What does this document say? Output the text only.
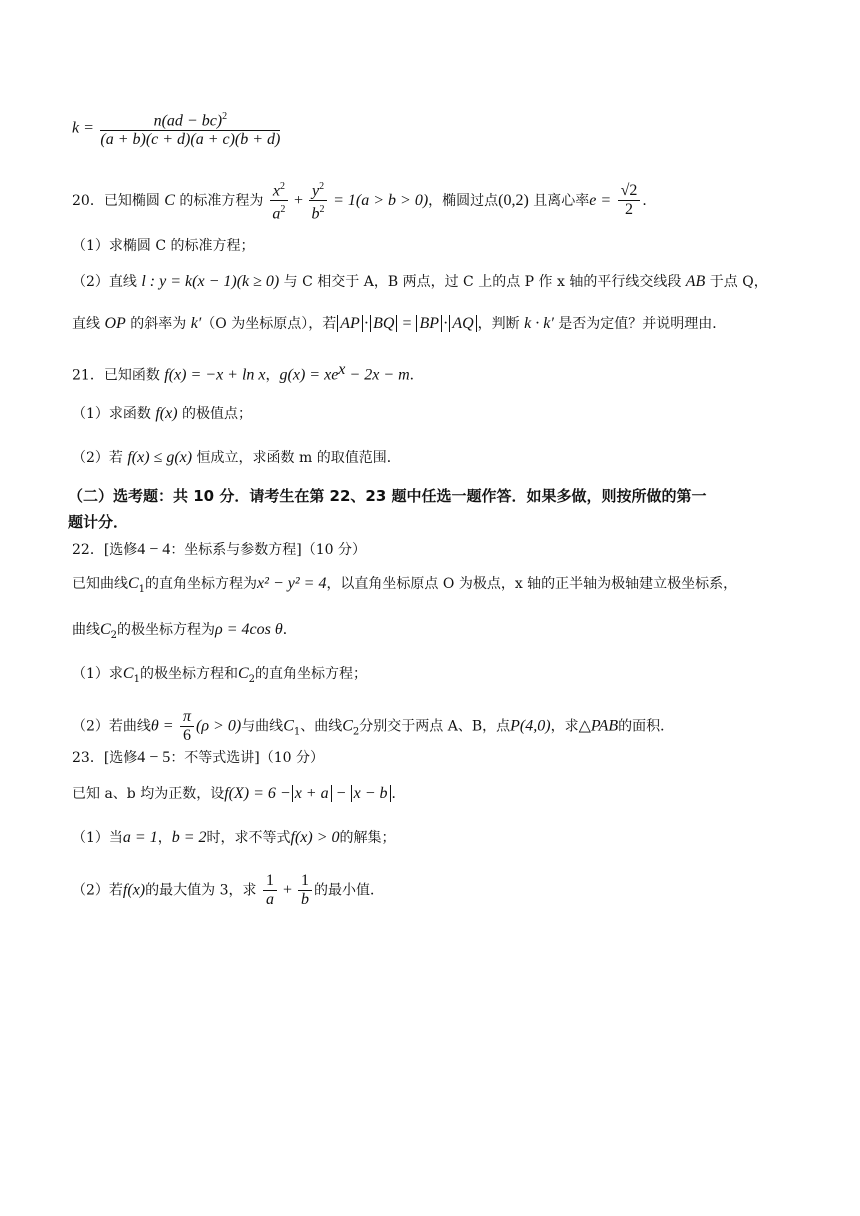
$k = \frac{n(ad - bc)^2}{(a + b)(c + d)(a + c)(b + d)}$
20．已知椭圆 C 的标准方程为 $\frac{x^2}{a^2} + \frac{y^2}{b^2} = 1(a > b > 0)$，椭圆过点(0,2) 且离心率$e = \frac{√2}{2}$ ．
（1）求椭圆 C 的标准方程；
（2）直线 l : y = k(x − 1)(k ≥ 0) 与 C 相交于 A，B 两点，过 C 上的点 P 作 x 轴的平行线交线段 AB 于点 Q，
直线 OP 的斜率为 k′（O 为坐标原点），若 AP · BQ = BP · AQ ，判断 k · k′ 是否为定值？并说明理由．
21．已知函数 f(x) = −x + ln x，$g(x) = xe^x - 2x - m$．
（1）求函数 f(x) 的极值点；
（2）若 f(x) ≤ g(x) 恒成立，求函数 m 的取值范围．
（二）选考题：共 10 分．请考生在第 22、23 题中任选一题作答．如果多做，则按所做的第一
题计分．
22．[选修4 − 4：坐标系与参数方程]（10 分）
已知曲线$C_1$的直角坐标方程为x² − y² = 4，以直角坐标原点 O 为极点，x 轴的正半轴为极轴建立极坐标系，
曲线$C_2$的极坐标方程为ρ = 4cos θ．
（1）求$C_1$的极坐标方程和$C_2$的直角坐标方程；
（2）若曲线$\theta = \frac{\pi}{6} (\rho > 0)$与曲线$C_1$、曲线$C_2$分别交于两点 A、B，点P(4,0)，求△PAB的面积．
23．[选修4 − 5：不等式选讲]（10 分）
已知 a、b 均为正数，设f(X) = 6 − x + a − x − b ．
（1）当a = 1，b = 2时，求不等式f(x) > 0的解集；
（2）若f(x)的最大值为 3，求 $\frac{1}{a} + \frac{1}{b}$ 的最小值．
